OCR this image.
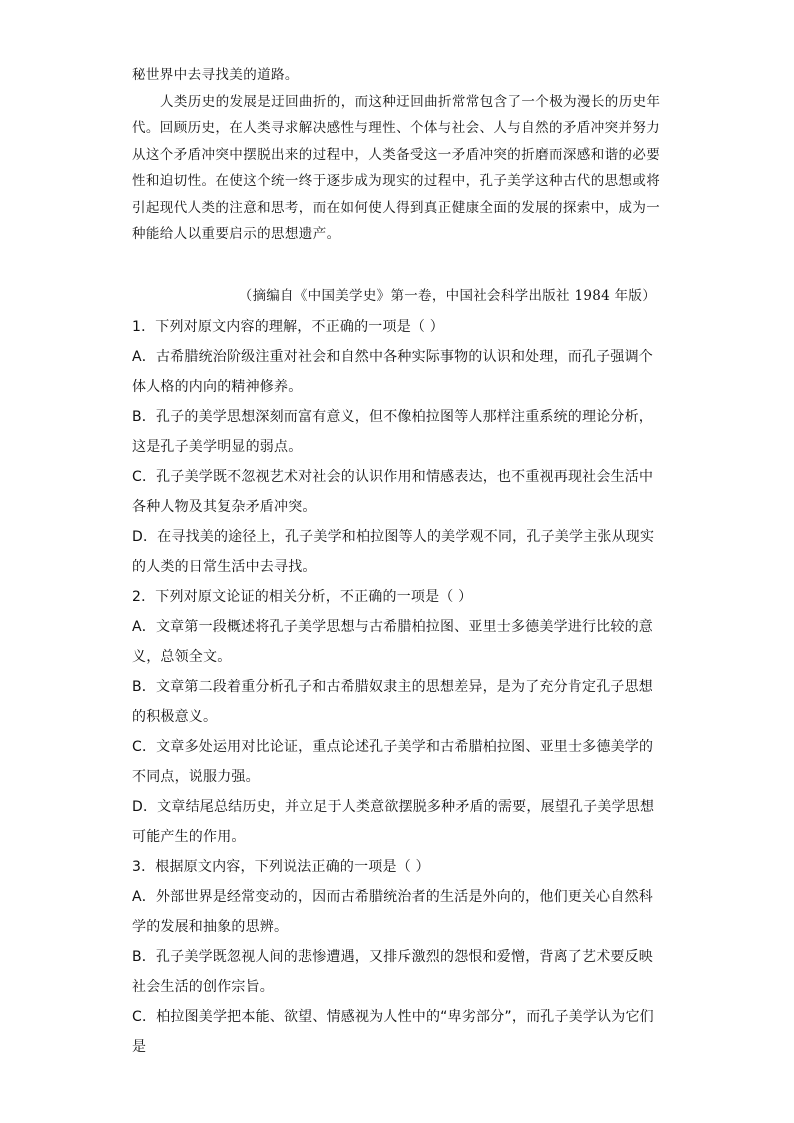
秘世界中去寻找美的道路。

人类历史的发展是迂回曲折的，而这种迂回曲折常常包含了一个极为漫长的历史年代。回顾历史，在人类寻求解决感性与理性、个体与社会、人与自然的矛盾冲突并努力从这个矛盾冲突中摆脱出来的过程中，人类备受这一矛盾冲突的折磨而深感和谐的必要性和迫切性。在使这个统一终于逐步成为现实的过程中，孔子美学这种古代的思想或将引起现代人类的注意和思考，而在如何使人得到真正健康全面的发展的探索中，成为一种能给人以重要启示的思想遗产。

（摘编自《中国美学史》第一卷，中国社会科学出版社 1984 年版）

1．下列对原文内容的理解，不正确的一项是（ ）

A．古希腊统治阶级注重对社会和自然中各种实际事物的认识和处理，而孔子强调个体人格的内向的精神修养。

B．孔子的美学思想深刻而富有意义，但不像柏拉图等人那样注重系统的理论分析，这是孔子美学明显的弱点。

C．孔子美学既不忽视艺术对社会的认识作用和情感表达，也不重视再现社会生活中各种人物及其复杂矛盾冲突。

D．在寻找美的途径上，孔子美学和柏拉图等人的美学观不同，孔子美学主张从现实的人类的日常生活中去寻找。

2．下列对原文论证的相关分析，不正确的一项是（ ）

A．文章第一段概述将孔子美学思想与古希腊柏拉图、亚里士多德美学进行比较的意义，总领全文。

B．文章第二段着重分析孔子和古希腊奴隶主的思想差异，是为了充分肯定孔子思想的积极意义。

C．文章多处运用对比论证，重点论述孔子美学和古希腊柏拉图、亚里士多德美学的不同点，说服力强。

D．文章结尾总结历史，并立足于人类意欲摆脱多种矛盾的需要，展望孔子美学思想可能产生的作用。

3．根据原文内容，下列说法正确的一项是（ ）

A．外部世界是经常变动的，因而古希腊统治者的生活是外向的，他们更关心自然科学的发展和抽象的思辨。

B．孔子美学既忽视人间的悲惨遭遇，又排斥激烈的怨恨和爱憎，背离了艺术要反映社会生活的创作宗旨。

C．柏拉图美学把本能、欲望、情感视为人性中的“卑劣部分”，而孔子美学认为它们是
